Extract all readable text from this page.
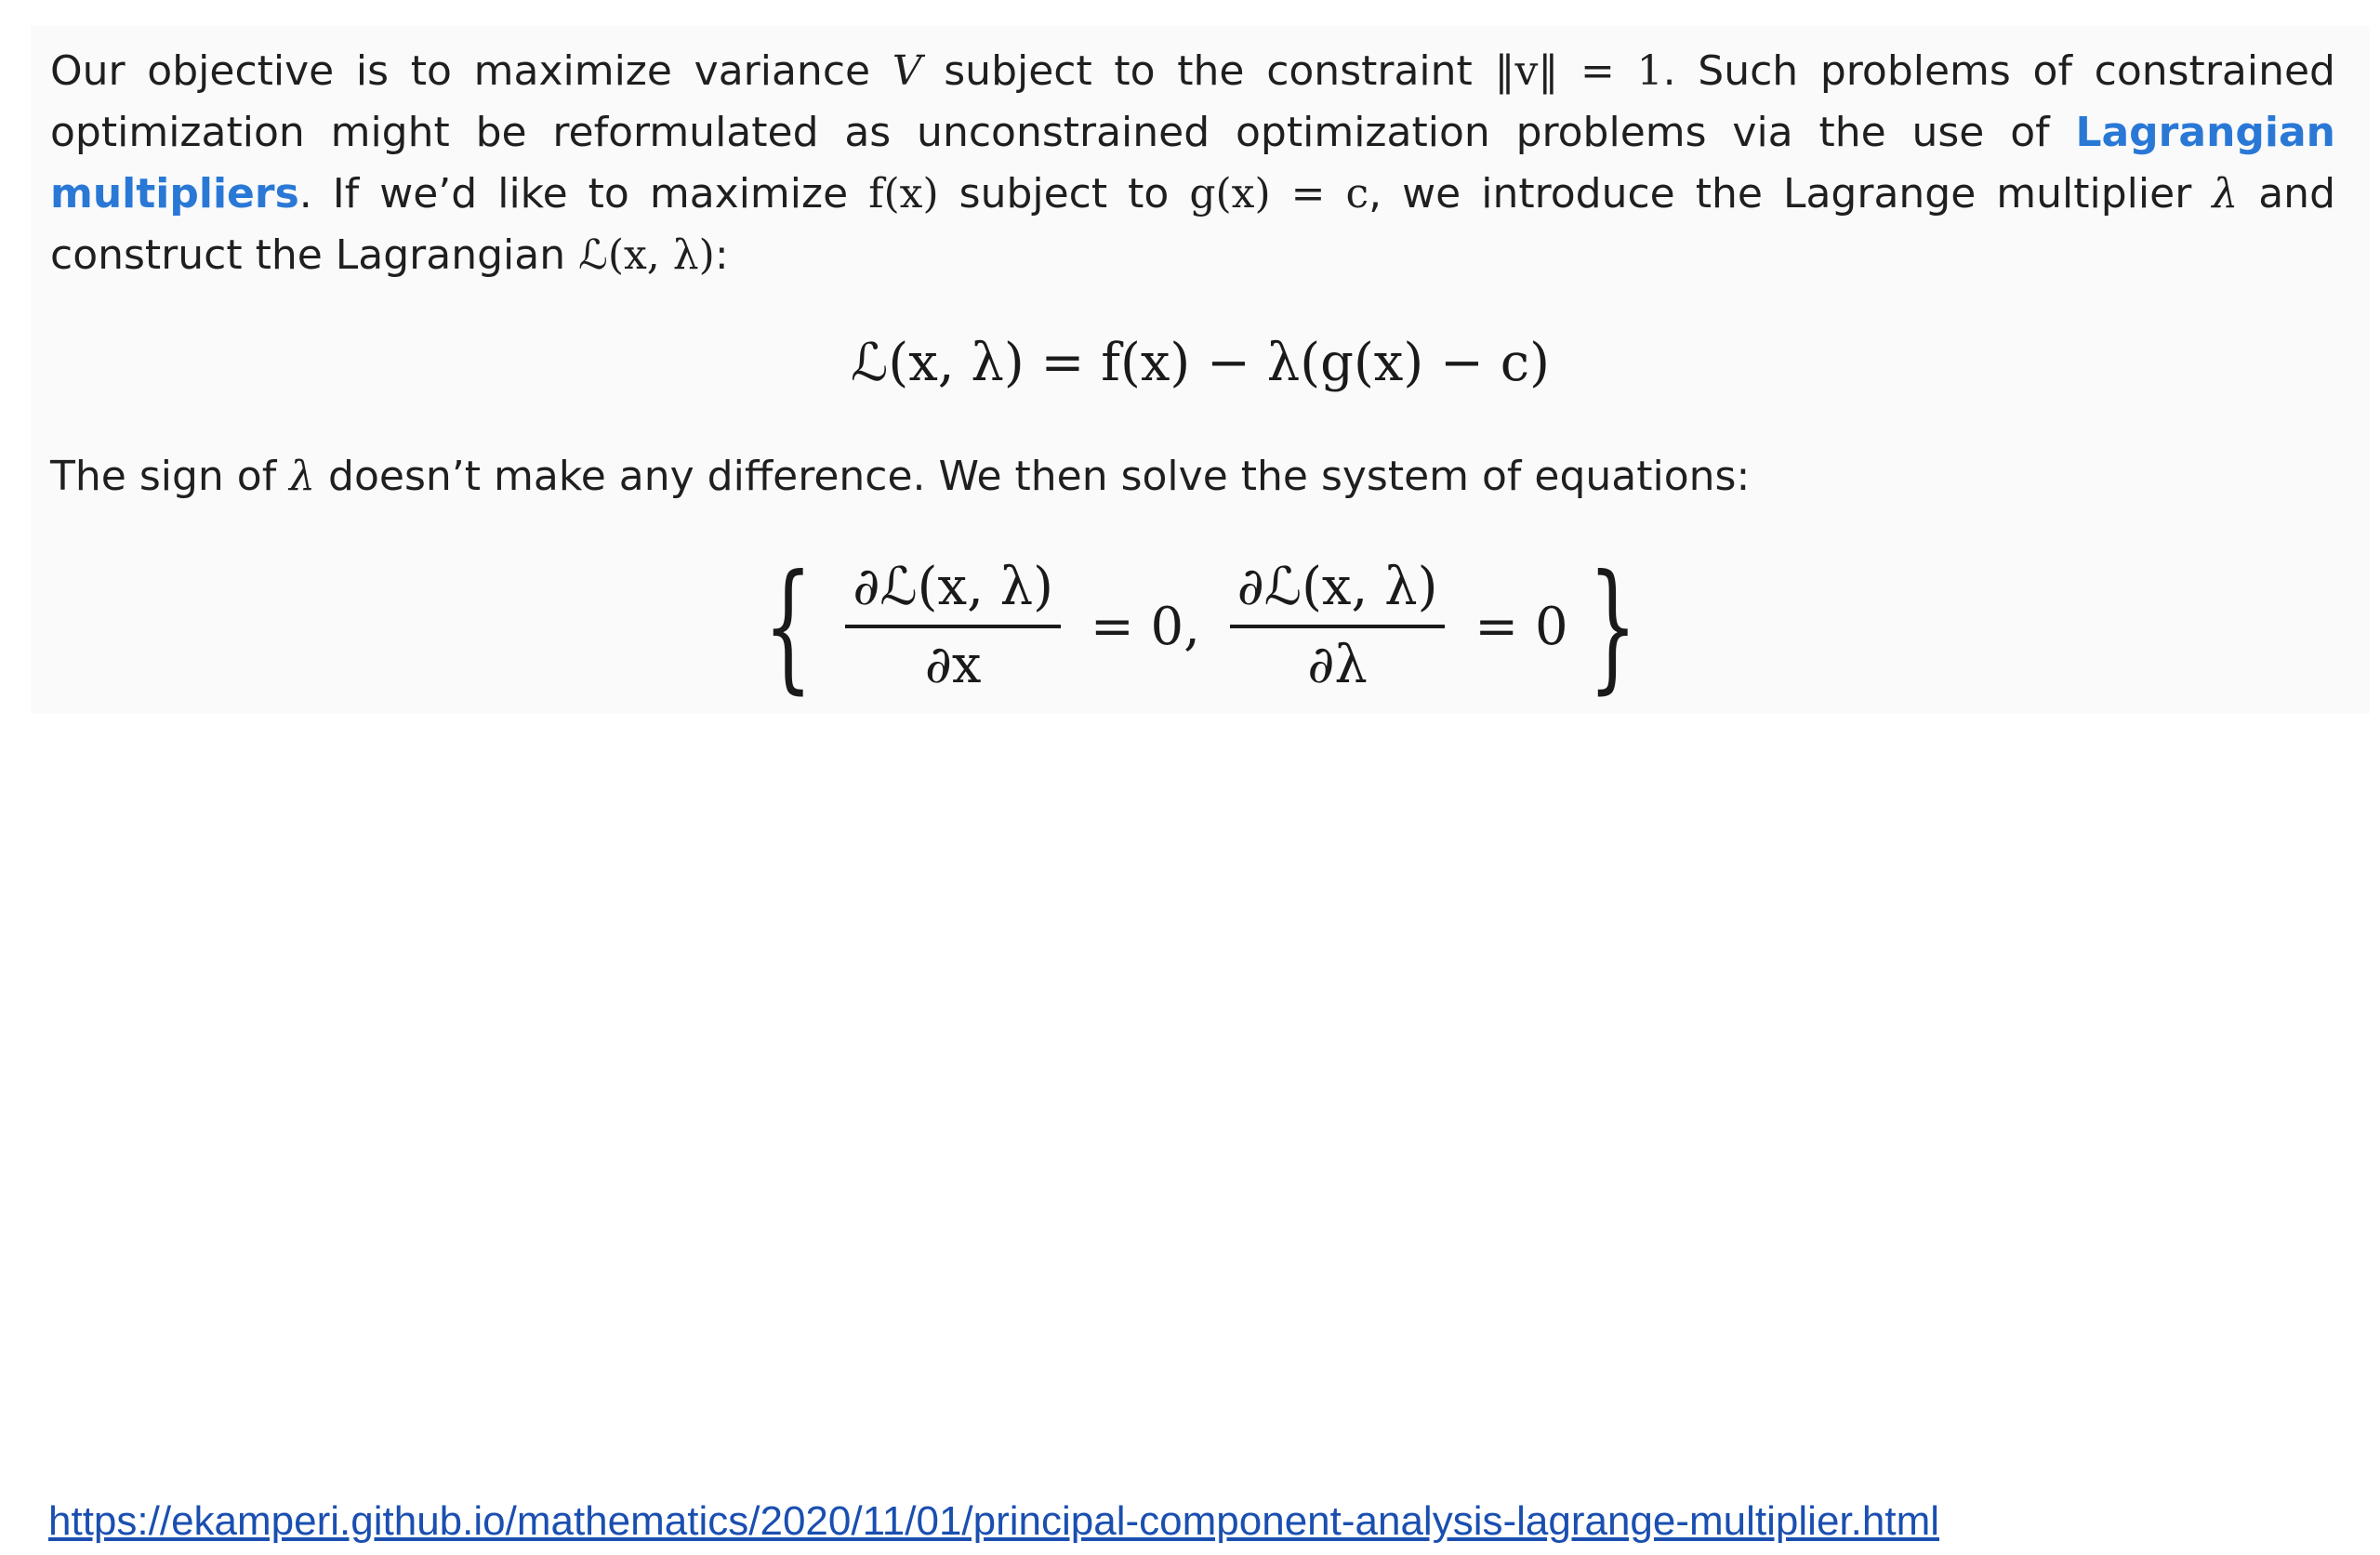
Our objective is to maximize variance V subject to the constraint ‖v‖ = 1. Such problems of constrained optimization might be reformulated as unconstrained optimization problems via the use of Lagrangian multipliers. If we’d like to maximize f(x) subject to g(x) = c, we introduce the Lagrange multiplier λ and construct the Lagrangian ℒ(x, λ):

ℒ(x, λ) = f(x) − λ(g(x) − c)

The sign of λ doesn’t make any difference. We then solve the system of equations:

{ $\frac{\text{∂ℒ(x, λ)}}{\partial x} = 0$, $\frac{\text{∂ℒ(x, λ)}}{\partial\lambda} = 0$ }
https://ekamperi.github.io/mathematics/2020/11/01/principal-component-analysis-lagrange-multiplier.html
